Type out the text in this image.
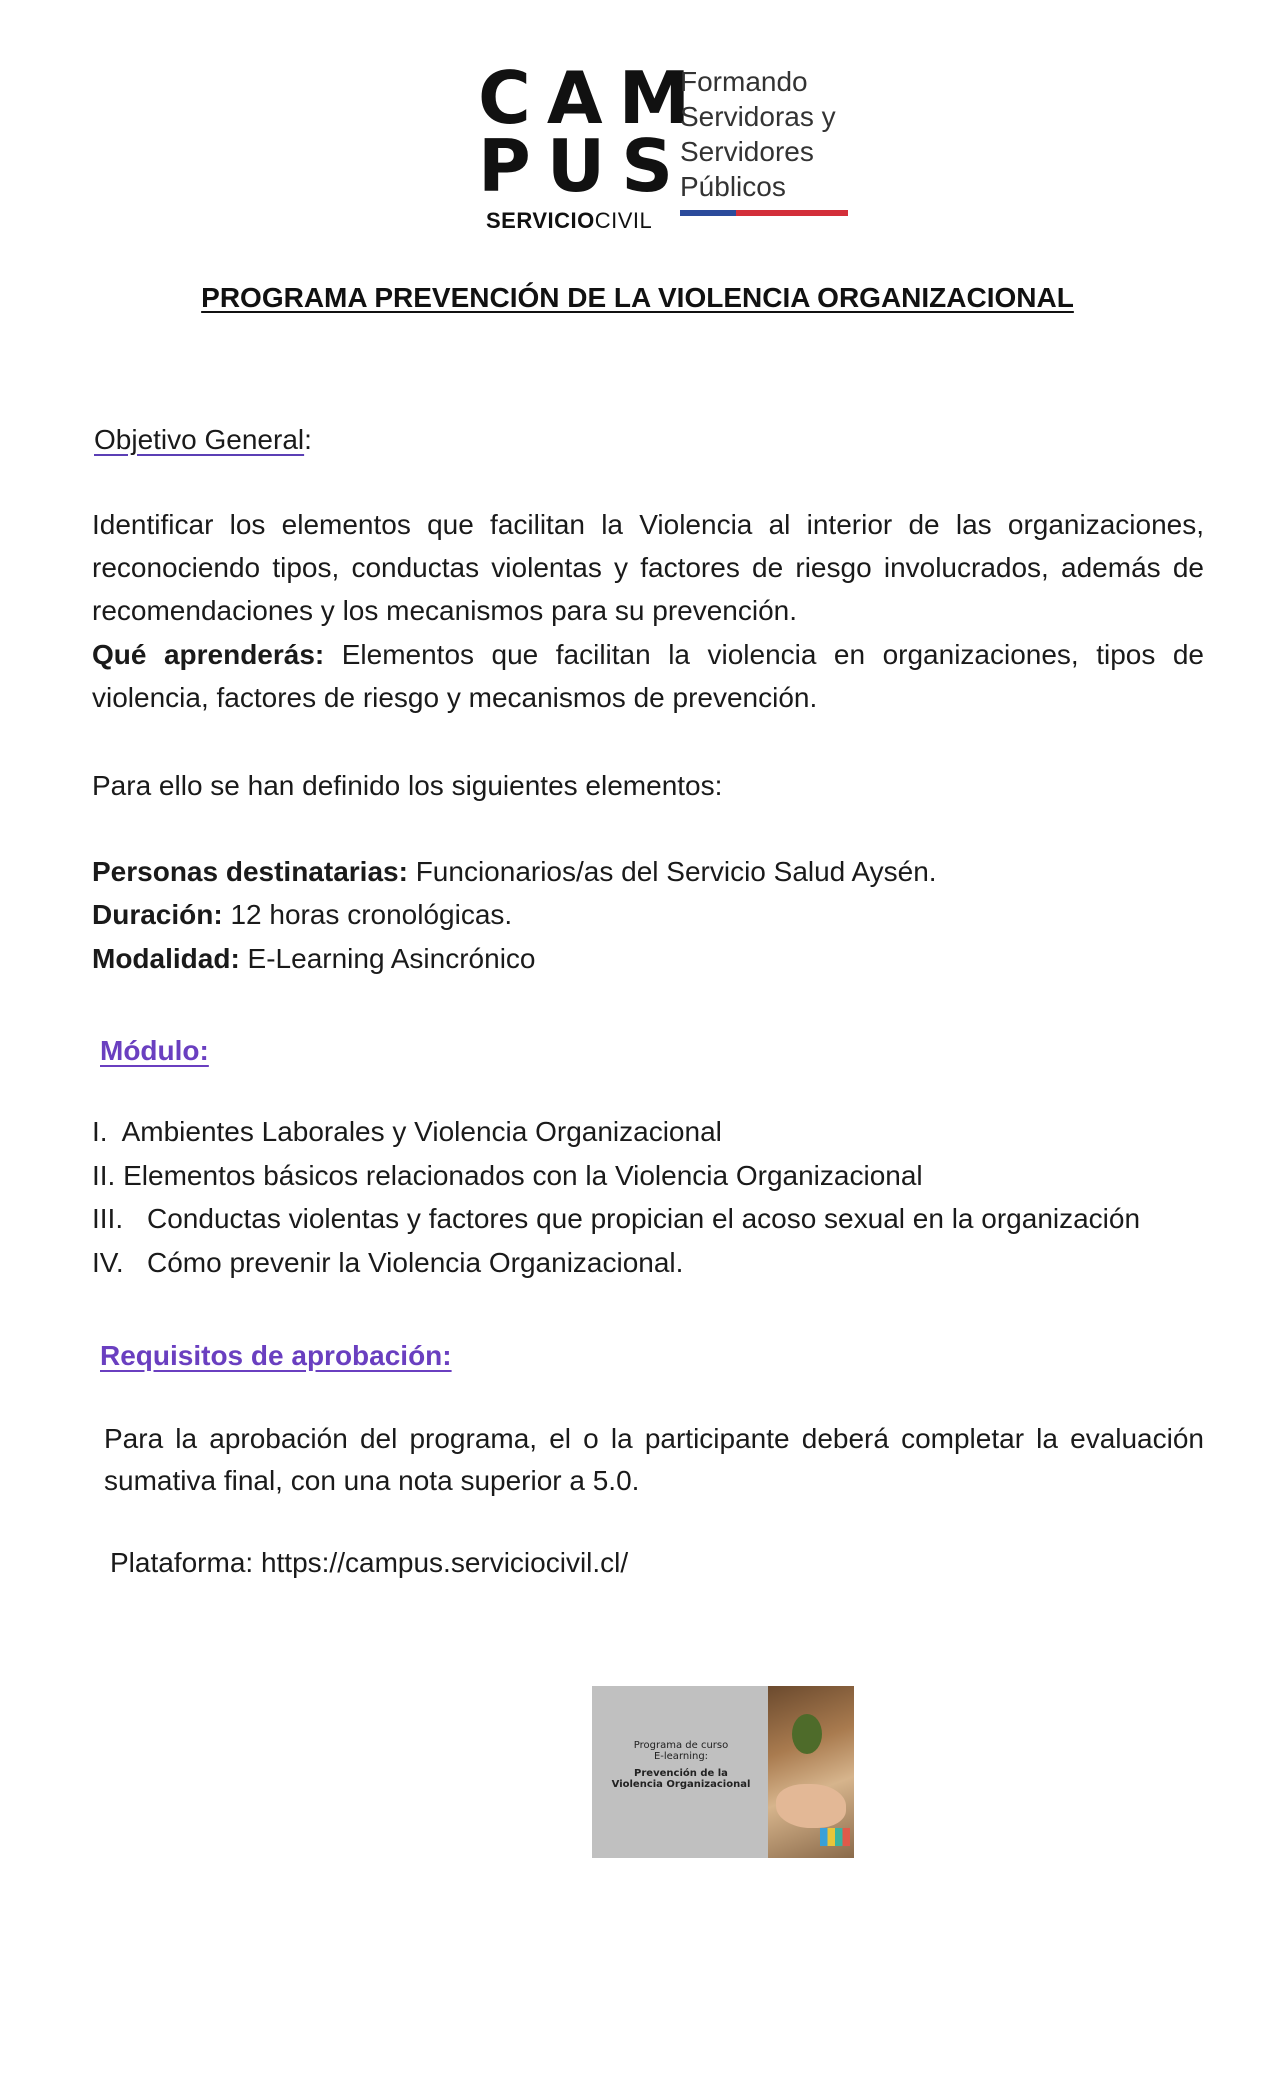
CAM
PUS
SERVICIOCIVIL
Formando
Servidoras y
Servidores
Públicos
PROGRAMA PREVENCIÓN DE LA VIOLENCIA ORGANIZACIONAL
Objetivo General:
Identificar los elementos que facilitan la Violencia al interior de las organizaciones, reconociendo tipos, conductas violentas y factores de riesgo involucrados, además de recomendaciones y los mecanismos para su prevención.
Qué aprenderás: Elementos que facilitan la violencia en organizaciones, tipos de violencia, factores de riesgo y mecanismos de prevención.
Para ello se han definido los siguientes elementos:
Personas destinatarias: Funcionarios/as del Servicio Salud Aysén.
Duración: 12 horas cronológicas.
Modalidad: E-Learning Asincrónico
Módulo:
I. Ambientes Laborales y Violencia Organizacional
II. Elementos básicos relacionados con la Violencia Organizacional
III. Conductas violentas y factores que propician el acoso sexual en la organización
IV. Cómo prevenir la Violencia Organizacional.
Requisitos de aprobación:
Para la aprobación del programa, el o la participante deberá completar la evaluación sumativa final, con una nota superior a 5.0.
Plataforma: https://campus.serviciocivil.cl/
Programa de curso
E-learning:
Prevención de la
Violencia Organizacional
